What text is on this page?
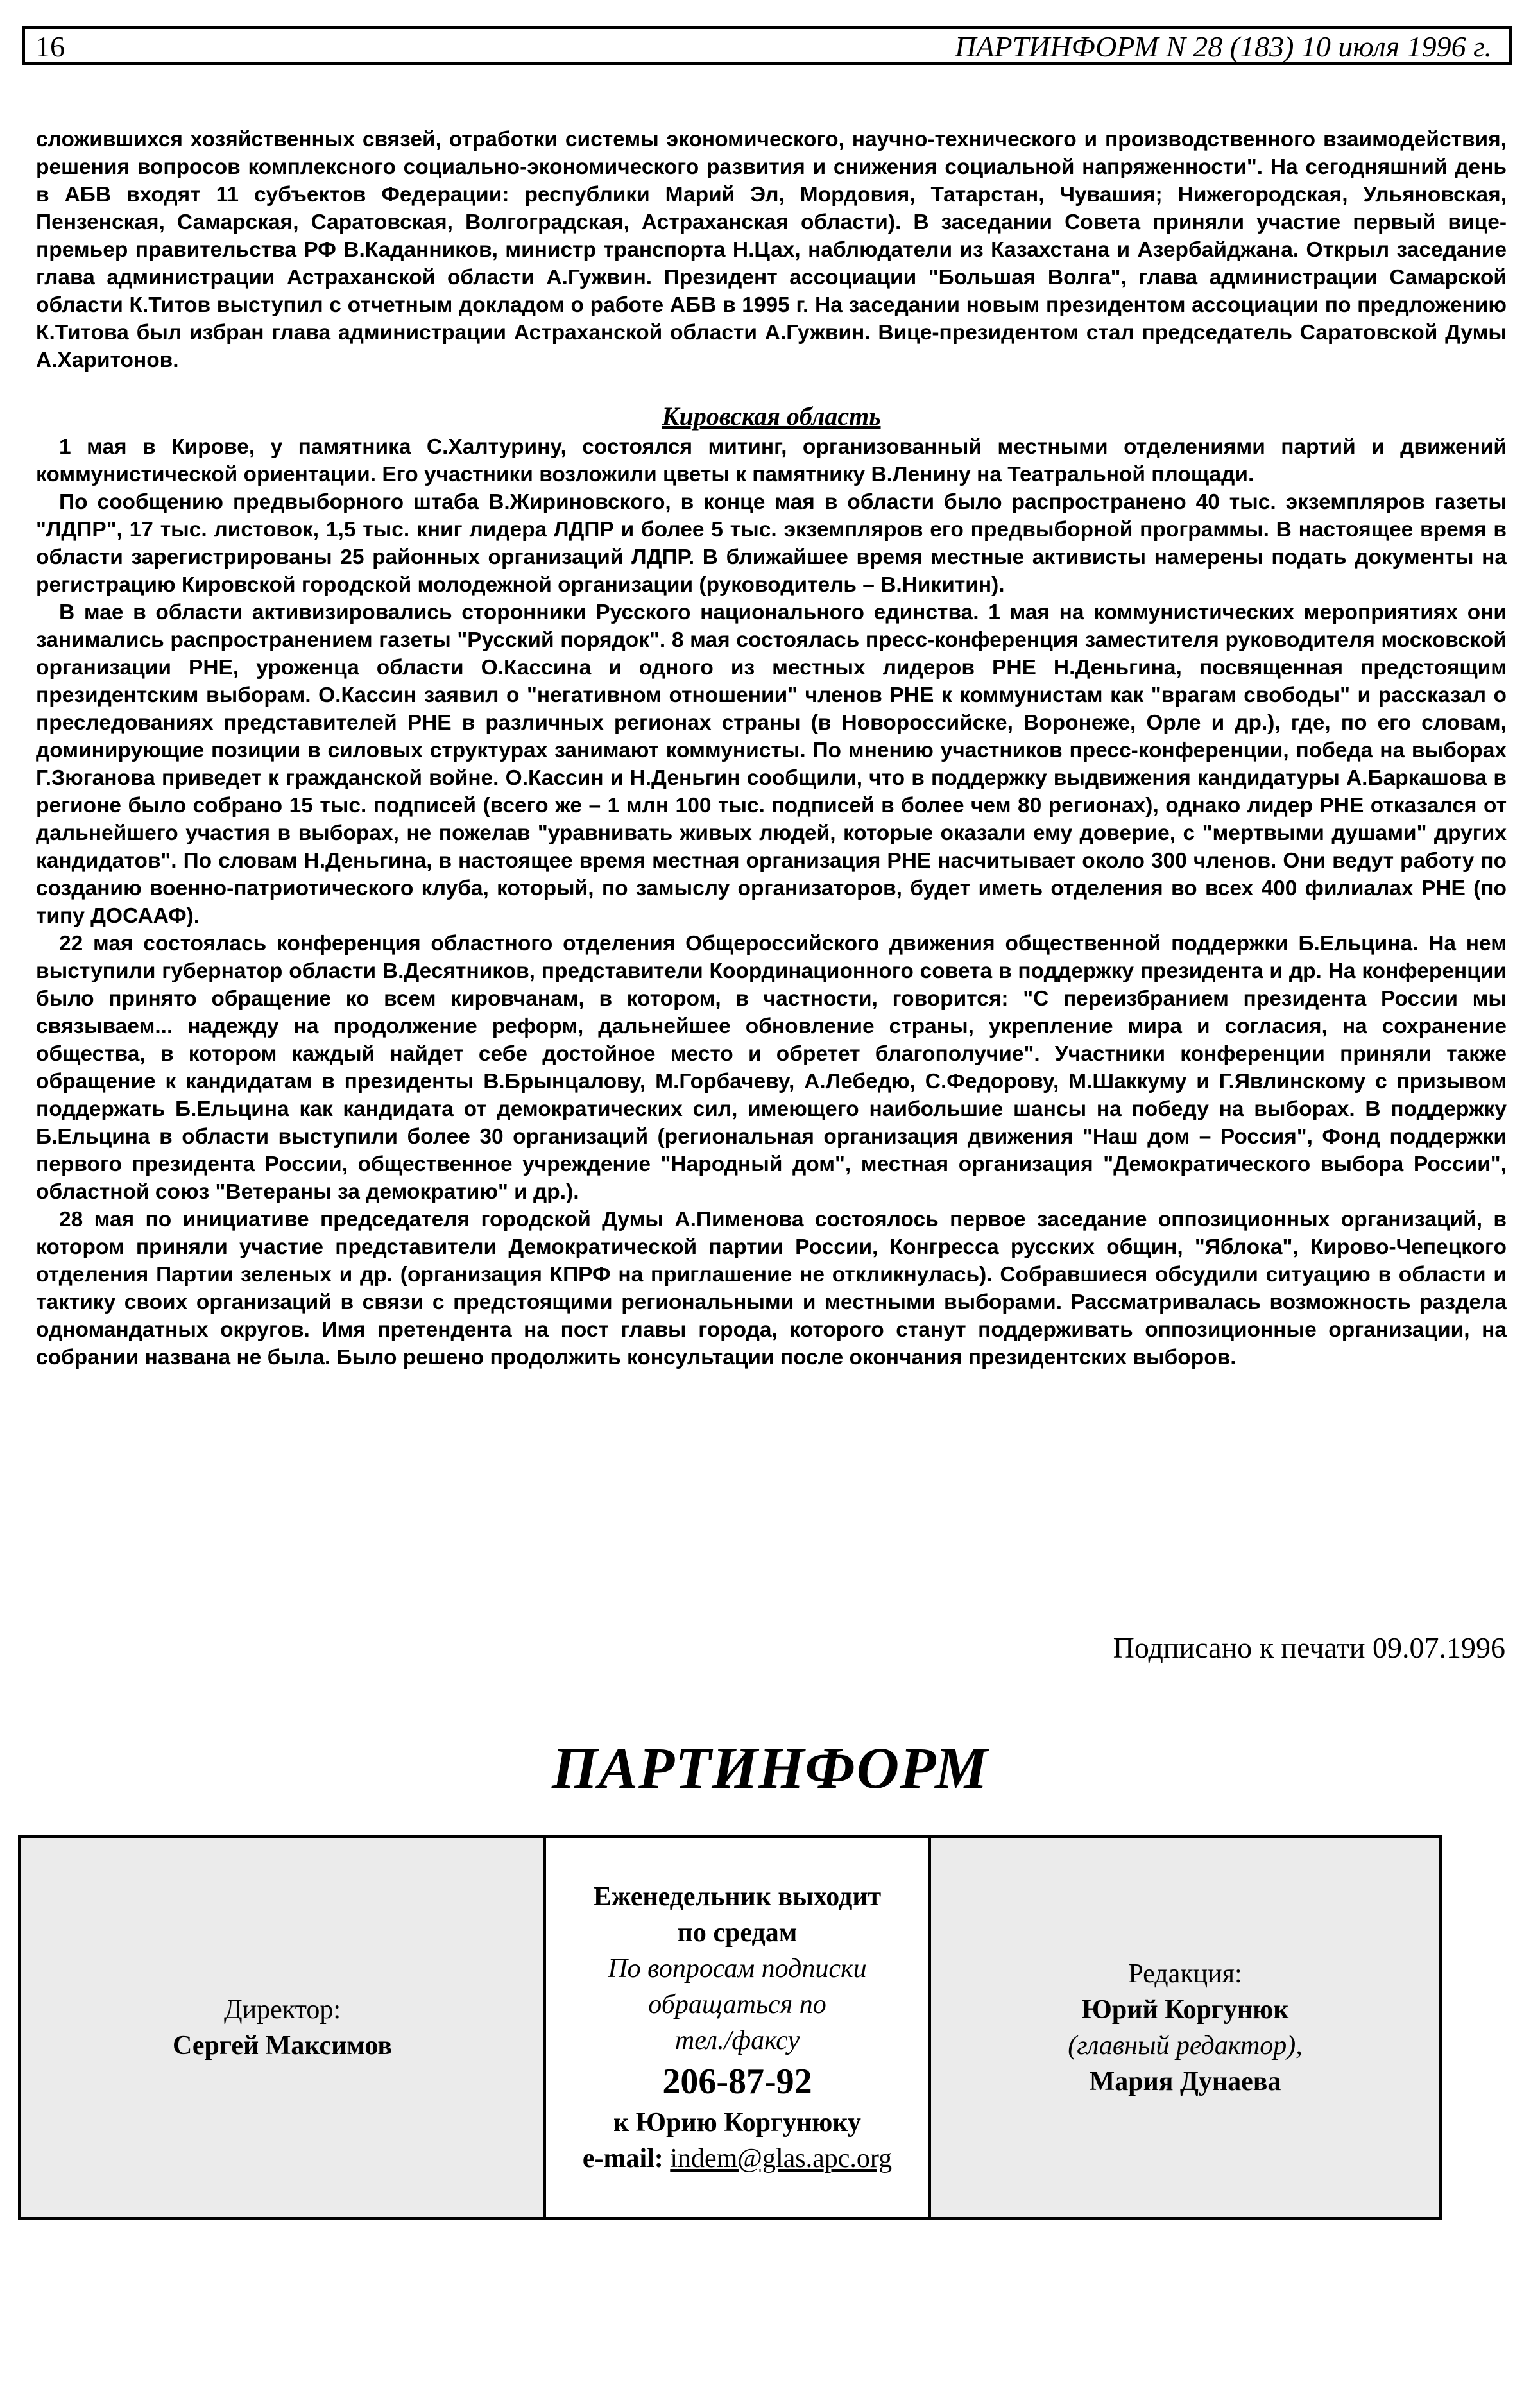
16	ПАРТИНФОРМ N 28 (183) 10 июля 1996 г.

сложившихся хозяйственных связей, отработки системы экономического, научно-технического и производственного взаимодействия, решения вопросов комплексного социально-экономического развития и снижения социальной напряженности". На сегодняшний день в АБВ входят 11 субъектов Федерации: республики Марий Эл, Мордовия, Татарстан, Чувашия; Нижегородская, Ульяновская, Пензенская, Самарская, Саратовская, Волгоградская, Астраханская области). В заседании Совета приняли участие первый вице-премьер правительства РФ В.Каданников, министр транспорта Н.Цах, наблюдатели из Казахстана и Азербайджана. Открыл заседание глава администрации Астраханской области А.Гужвин. Президент ассоциации "Большая Волга", глава администрации Самарской области К.Титов выступил с отчетным докладом о работе АБВ в 1995 г. На заседании новым президентом ассоциации по предложению К.Титова был избран глава администрации Астраханской области А.Гужвин. Вице-президентом стал председатель Саратовской Думы А.Харитонов.

Кировская область

1 мая в Кирове, у памятника С.Халтурину, состоялся митинг, организованный местными отделениями партий и движений коммунистической ориентации. Его участники возложили цветы к памятнику В.Ленину на Театральной площади.

По сообщению предвыборного штаба В.Жириновского, в конце мая в области было распространено 40 тыс. экземпляров газеты "ЛДПР", 17 тыс. листовок, 1,5 тыс. книг лидера ЛДПР и более 5 тыс. экземпляров его предвыборной программы. В настоящее время в области зарегистрированы 25 районных организаций ЛДПР. В ближайшее время местные активисты намерены подать документы на регистрацию Кировской городской молодежной организации (руководитель – В.Никитин).

В мае в области активизировались сторонники Русского национального единства. 1 мая на коммунистических мероприятиях они занимались распространением газеты "Русский порядок". 8 мая состоялась пресс-конференция заместителя руководителя московской организации РНЕ, уроженца области О.Кассина и одного из местных лидеров РНЕ Н.Деньгина, посвященная предстоящим президентским выборам. О.Кассин заявил о "негативном отношении" членов РНЕ к коммунистам как "врагам свободы" и рассказал о преследованиях представителей РНЕ в различных регионах страны (в Новороссийске, Воронеже, Орле и др.), где, по его словам, доминирующие позиции в силовых структурах занимают коммунисты. По мнению участников пресс-конференции, победа на выборах Г.Зюганова приведет к гражданской войне. О.Кассин и Н.Деньгин сообщили, что в поддержку выдвижения кандидатуры А.Баркашова в регионе было собрано 15 тыс. подписей (всего же – 1 млн 100 тыс. подписей в более чем 80 регионах), однако лидер РНЕ отказался от дальнейшего участия в выборах, не пожелав "уравнивать живых людей, которые оказали ему доверие, с "мертвыми душами" других кандидатов". По словам Н.Деньгина, в настоящее время местная организация РНЕ насчитывает около 300 членов. Они ведут работу по созданию военно-патриотического клуба, который, по замыслу организаторов, будет иметь отделения во всех 400 филиалах РНЕ (по типу ДОСААФ).

22 мая состоялась конференция областного отделения Общероссийского движения общественной поддержки Б.Ельцина. На нем выступили губернатор области В.Десятников, представители Координационного совета в поддержку президента и др. На конференции было принято обращение ко всем кировчанам, в котором, в частности, говорится: "С переизбранием президента России мы связываем... надежду на продолжение реформ, дальнейшее обновление страны, укрепление мира и согласия, на сохранение общества, в котором каждый найдет себе достойное место и обретет благополучие". Участники конференции приняли также обращение к кандидатам в президенты В.Брынцалову, М.Горбачеву, А.Лебедю, С.Федорову, М.Шаккуму и Г.Явлинскому с призывом поддержать Б.Ельцина как кандидата от демократических сил, имеющего наибольшие шансы на победу на выборах. В поддержку Б.Ельцина в области выступили более 30 организаций (региональная организация движения "Наш дом – Россия", Фонд поддержки первого президента России, общественное учреждение "Народный дом", местная организация "Демократического выбора России", областной союз "Ветераны за демократию" и др.).

28 мая по инициативе председателя городской Думы А.Пименова состоялось первое заседание оппозиционных организаций, в котором приняли участие представители Демократической партии России, Конгресса русских общин, "Яблока", Кирово-Чепецкого отделения Партии зеленых и др. (организация КПРФ на приглашение не откликнулась). Собравшиеся обсудили ситуацию в области и тактику своих организаций в связи с предстоящими региональными и местными выборами. Рассматривалась возможность раздела одномандатных округов. Имя претендента на пост главы города, которого станут поддерживать оппозиционные организации, на собрании названа не была. Было решено продолжить консультации после окончания президентских выборов.

Подписано к печати 09.07.1996
ПАРТИНФОРМ
Директор:
Сергей Максимов
Еженедельник выходит
по средам
По вопросам подписки
обращаться по
тел./факсу
206-87-92
к Юрию Коргунюку
e-mail: indem@glas.apc.org
Редакция:
Юрий Коргунюк
(главный редактор),
Мария Дунаева
